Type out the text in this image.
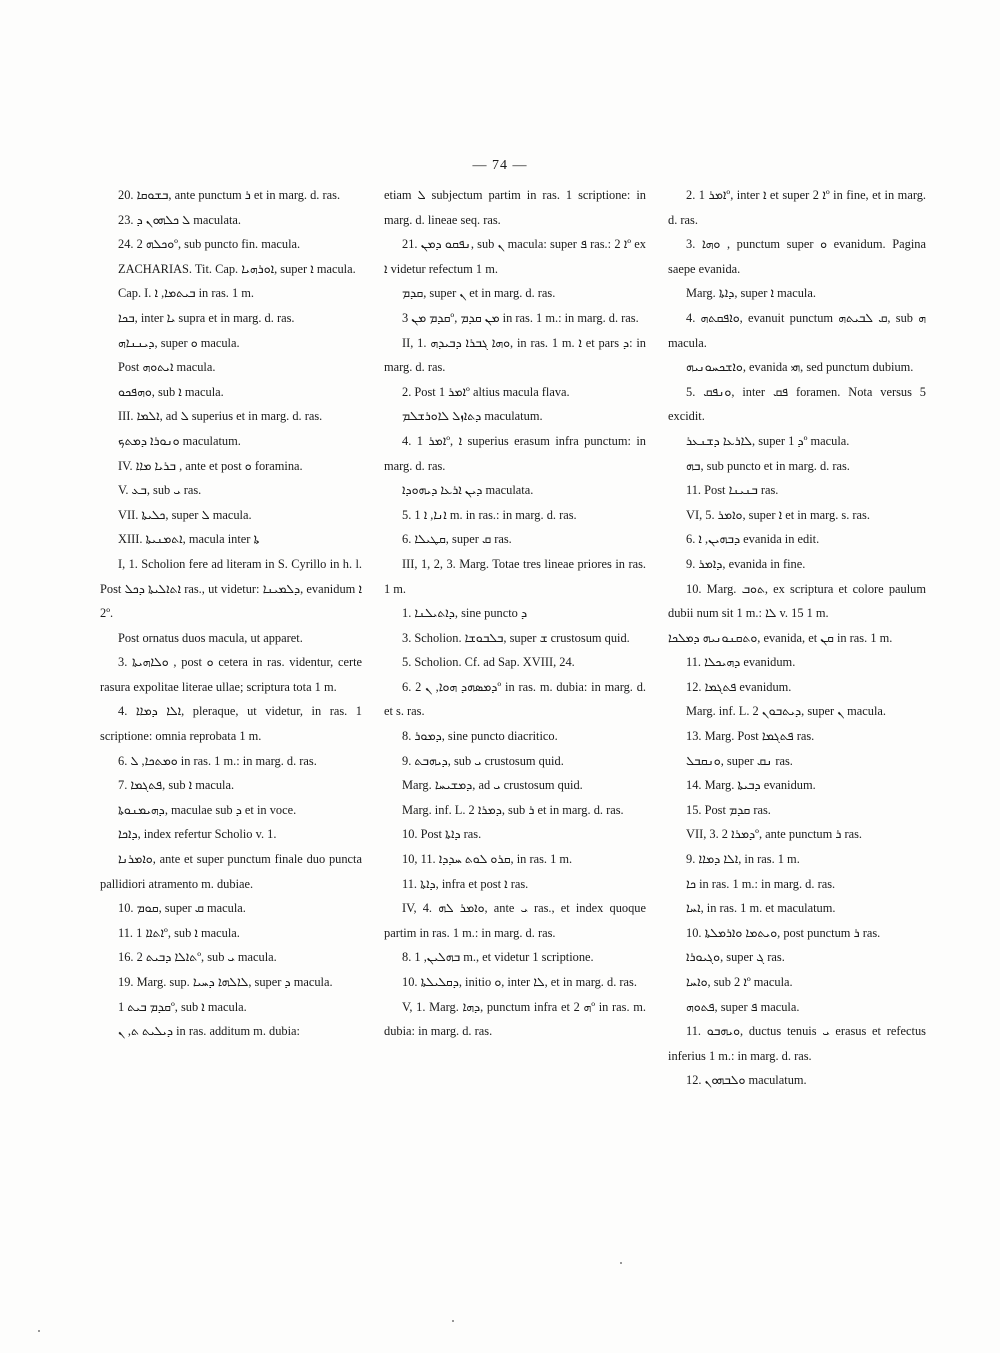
— 74 —

20. ܒܫܘܩܐ, ante punctum ܪ et in marg. d. ras.

23. ܠ ܟܠܗܘܢ ܕ maculata.

24. ܘܟܠܗ 2º, sub puncto fin. macula.

ZACHARIAS. Tit. Cap. ܐܘܪܗܝܐ, super ܐ macula.

Cap. I. ܒܝܬܡܐ, ܐ in ras. 1 m.

ܒܟܐ, inter ܝܐ supra et in marg. d. ras.

ܕܝܢܢܐܗ, super ܘ macula.

Post ܐܝܬܘܗ macula.

ܘܗܦܟܘ, sub ܐ macula.

III. ܐܠܡܐ, ad ܠ superius et in marg. d. ras.

ܘܢܘܪܐ ܕܡܬܟ maculatum.

IV. ܒܪܝܐ ܡܐܐ , ante et post ܘ foramina.

V. ܒܥ, sub ܝ ras.

VII. ܟܠܝܬܐ, super ܠ macula.

XIII. ܐܬܡܢܝܬܐ, macula inter ܬܐ

I, 1. Scholion fere ad literam in S. Cyrillo in h. l. Post ܐܬܐܠܝܬܐ ܕܟܠ ras., ut videtur: ܕܠܡܝܢܐ, evanidum ܐ 2º.

Post ornatus duos macula, ut apparet.

3. ܘܠܐܗܝܬܐ , post ܘ cetera in ras. videntur, certe rasura expolitae literae ullae; scriptura tota 1 m.

4. ܐܠܐ ܕܡܐܐ, pleraque, ut videtur, in ras. 1 scriptione: omnia reprobata 1 m.

6. ܘܡܬܟܐ, ܠ in ras. 1 m.: in marg. d. ras.

7. ܦܬܓܡܐ, sub ܐ macula.

ܕܗܝܡܢܘܬܐ, maculae sub ܕ et in voce.

ܕܐܟܐ, index refertur Scholio v. 1.

ܘܐܡܪܢܐ, ante et super punctum finale duo puncta pallidiori atramento m. dubiae.

10. ܩܘܡ, super ܩ macula.

11. ܐܬܐܐ 1º, sub ܐ macula.

16. ܬܐܠܐ ܕܒܝܬ 2º, sub ܝ macula.

19. Marg. sup. ܠܐܠܗܐ ܕܚܝܐ, super ܕ macula.

ܩܕܡ ܒܝܬ 1º, sub ܐ macula.

ܕܝܠܝܬ ܬ, ܢ in ras. additum m. dubia:

etiam ܠ subjectum partim in ras. 1 scriptione: in marg. d. lineae seq. ras.

21. ܢܦܩܘ ܕܡܢ, sub ܢ macula: super ܦ ras.: ܐ 2º ex ܐ videtur refectum 1 m.

ܩܕܡ, super ܢ et in marg. d. ras.

ܩܕܡ ܡܢ 3º, ܡܢ ܩܕܡ in ras. 1 m.: in marg. d. ras.

II, 1. ܘܗܐ ܓܒܪܐ ܕܒܝܕܗ, in ras. 1 m. ܐ et pars ܕ: in marg. d. ras.

2. Post ܐܡܪ 1º altius macula flava.

ܕܬܐܙܠ ܠܐܘܪܫܠܡ maculatum.

4. ܐܡܪ 1º, ܐ superius erasum infra punctum: in marg. d. ras.

ܕܝܢ ܐܪܥܐ ܕܝܗܘܕܐ maculata.

5. ܐܢܐ, ܐ 1 m. in ras.: in marg. d. ras.

6. ܩܛܝܠܐ, super ܩ ras.

III, 1, 2, 3. Marg. Totae tres lineae priores in ras. 1 m.

1. ܕܐܬܝܠܢܐ, sine puncto ܕ

3. Scholion. ܒܠܒܘܫܐ, super ܫ crustosum quid.

5. Scholion. Cf. ad Sap. XVIII, 24.

6. ܕܡܣܗܕ ܗܘܐ, ܢ 2º in ras. m. dubia: in marg. d. et s. ras.

8. ܕܡܘܪ, sine puncto diacritico.

9. ܕܝܗܒܬ, sub ܝ crustosum quid.

Marg. ܕܡܫܝܚܐ, ad ܝ crustosum quid.

Marg. inf. L. 2 ܕܡܪܐ, sub ܪ et in marg. d. ras.

10. Post ܕܐܬܐ ras.

10, 11. ܩܪܘ ܠܘܬ ܚܕܕܐ, in ras. 1 m.

11. ܕܐܬܐ, infra et post ܐ ras.

IV, 4. ܘܐܡܪ ܠܗ, ante ܝ ras., et index quoque partim in ras. 1 m.: in marg. d. ras.

8. ܒܗܠܝܢ, 1 m., et videtur 1 scriptione.

10. ܕܩܠܝܠܬܐ, initio ܘ, inter ܠܐ, et in marg. d. ras.

V, 1. Marg. ܕܗܐ, punctum infra et ܗ 2º in ras. m. dubia: in marg. d. ras.

2. ܐܡܪ 1º, inter ܐ et super ܐ 2º in fine, et in marg. d. ras.

3. ܘܗܐ , punctum super ܘ evanidum. Pagina saepe evanida.

Marg. ܕܐܬܐ, super ܐ macula.

4. ܘܐܦܩܬܗ, evanuit punctum ܩ ܠܒܝܬܗ, sub ܗ macula.

ܘܐܫܟܚܘܢܝܗ, evanida ܗܝ, sed punctum dubium.

5. ܘܢܦܩ, inter ܦܩ foramen. Nota versus 5 excidit.

ܠܐܪܥܐ ܕܫܢܥܪ, super ܕ 1º macula.

ܒܗ, sub puncto et in marg. d. ras.

11. Post ܒܢܝܢܐ ras.

VI, 5. ܘܐܡܪ, super ܐ et in marg. s. ras.

6. ܕܒܗܝܢ, ܐ evanida in edit.

9. ܕܐܡܪ, evanida in fine.

10. Marg. ܬܘܒ, ex scriptura et colore paulum dubii num sit 1 m.: ܠܐ v. 15 1 m.

ܘܬܩܢܘܢܝܗ ܕܡܠܟܐ, evanida, et ܩܢ in ras. 1 m.

11. ܕܗܝܟܠܐ evanidum.

12. ܦܬܓܡܐ evanidum.

Marg. inf. L. 2 ܕܝܬܒܘܢ, super ܢ macula.

13. Marg. Post ܦܬܓܡܐ ras.

ܘܢܩܒܠ, super ܢܩ ras.

14. Marg. ܕܒܝܬܐ evanidum.

15. Post ܩܕܡ ras.

VII, 3. ܕܡܪܐ 2º, ante punctum ܪ ras.

9. ܐܠܐ ܕܡܐܐ, in ras. 1 m.

ܟܐ in ras. 1 m.: in marg. d. ras.

ܐܚܐ, in ras. 1 m. et maculatum.

10. ܘܝܬܡܐ ܘܐܪܡܠܬܐ, post punctum ܪ ras.

ܘܓܝܘܪܐ, super ܓ ras.

ܘܐܚܐ, sub ܐ 2º macula.

ܦܬܘܗ, super ܦ macula.

11. ܘܝܗܒܘ, ductus tenuis ܝ erasus et refectus inferius 1 m.: in marg. d. ras.

12. ܘܠܒܗܘܢ maculatum.
